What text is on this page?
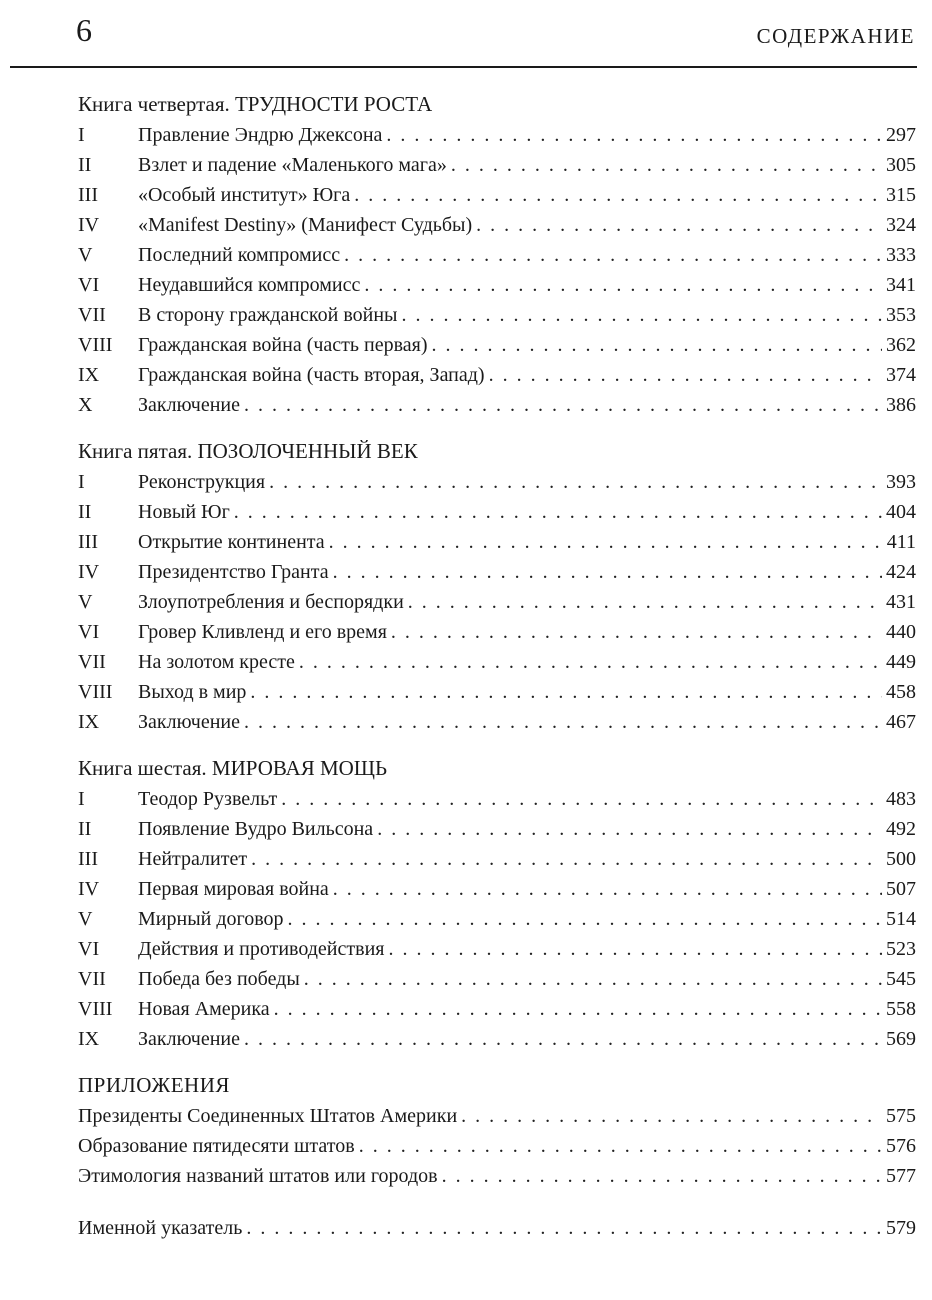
6	СОДЕРЖАНИЕ
Книга четвертая. ТРУДНОСТИ РОСТА
I	Правление Эндрю Джексона . . .	297
II	Взлет и падение «Маленького мага» . . .	305
III	«Особый институт» Юга . . .	315
IV	«Manifest Destiny» (Манифест Судьбы) . . .	324
V	Последний компромисс . . .	333
VI	Неудавшийся компромисс . . .	341
VII	В сторону гражданской войны . . .	353
VIII	Гражданская война (часть первая) . . .	362
IX	Гражданская война (часть вторая, Запад) . . .	374
X	Заключение . . .	386
Книга пятая. ПОЗОЛОЧЕННЫЙ ВЕК
I	Реконструкция . . .	393
II	Новый Юг . . .	404
III	Открытие континента . . .	411
IV	Президентство Гранта . . .	424
V	Злоупотребления и беспорядки . . .	431
VI	Гровер Кливленд и его время . . .	440
VII	На золотом кресте . . .	449
VIII	Выход в мир . . .	458
IX	Заключение . . .	467
Книга шестая. МИРОВАЯ МОЩЬ
I	Теодор Рузвельт . . .	483
II	Появление Вудро Вильсона . . .	492
III	Нейтралитет . . .	500
IV	Первая мировая война . . .	507
V	Мирный договор . . .	514
VI	Действия и противодействия . . .	523
VII	Победа без победы . . .	545
VIII	Новая Америка . . .	558
IX	Заключение . . .	569
ПРИЛОЖЕНИЯ
Президенты Соединенных Штатов Америки . . .	575
Образование пятидесяти штатов . . .	576
Этимология названий штатов или городов . . .	577
Именной указатель . . .	579
